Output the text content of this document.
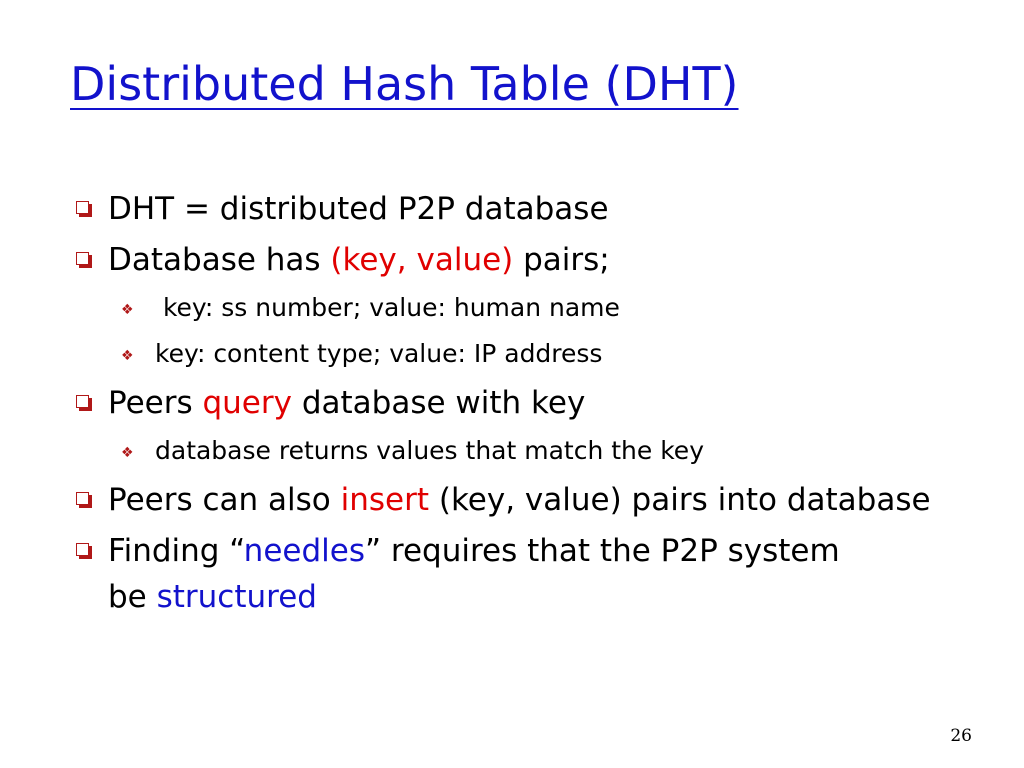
Distributed Hash Table (DHT)
DHT = distributed P2P database
Database has (key, value) pairs;
❖ key: ss number; value: human name
❖ key: content type; value: IP address
Peers query database with key
❖ database returns values that match the key
Peers can also insert (key, value) pairs into database
Finding “needles” requires that the P2P system be structured
26
